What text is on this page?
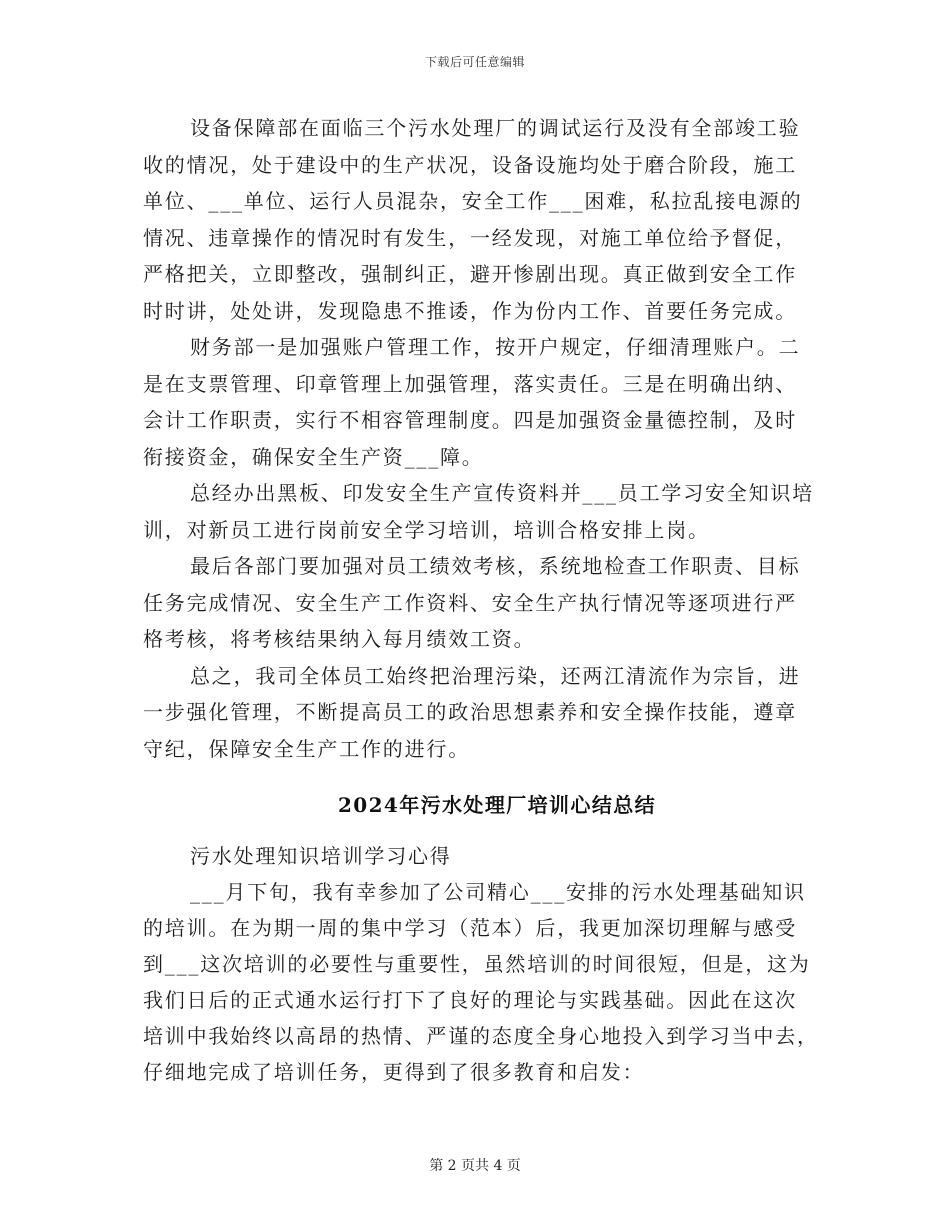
下载后可任意编辑
设备保障部在面临三个污水处理厂的调试运行及没有全部竣工验
收的情况，处于建设中的生产状况，设备设施均处于磨合阶段，施工
单位、___单位、运行人员混杂，安全工作___困难，私拉乱接电源的
情况、违章操作的情况时有发生，一经发现，对施工单位给予督促，
严格把关，立即整改，强制纠正，避开惨剧出现。真正做到安全工作
时时讲，处处讲，发现隐患不推诿，作为份内工作、首要任务完成。
财务部一是加强账户管理工作，按开户规定，仔细清理账户。二
是在支票管理、印章管理上加强管理，落实责任。三是在明确出纳、
会计工作职责，实行不相容管理制度。四是加强资金量德控制，及时
衔接资金，确保安全生产资___障。
总经办出黑板、印发安全生产宣传资料并___员工学习安全知识培
训，对新员工进行岗前安全学习培训，培训合格安排上岗。
最后各部门要加强对员工绩效考核，系统地检查工作职责、目标
任务完成情况、安全生产工作资料、安全生产执行情况等逐项进行严
格考核，将考核结果纳入每月绩效工资。
总之，我司全体员工始终把治理污染，还两江清流作为宗旨，进
一步强化管理，不断提高员工的政治思想素养和安全操作技能，遵章
守纪，保障安全生产工作的进行。
2024年污水处理厂培训心结总结
污水处理知识培训学习心得
___月下旬，我有幸参加了公司精心___安排的污水处理基础知识
的培训。在为期一周的集中学习（范本）后，我更加深切理解与感受
到___这次培训的必要性与重要性，虽然培训的时间很短，但是，这为
我们日后的正式通水运行打下了良好的理论与实践基础。因此在这次
培训中我始终以高昂的热情、严谨的态度全身心地投入到学习当中去，
仔细地完成了培训任务，更得到了很多教育和启发：
第 2 页共 4 页
